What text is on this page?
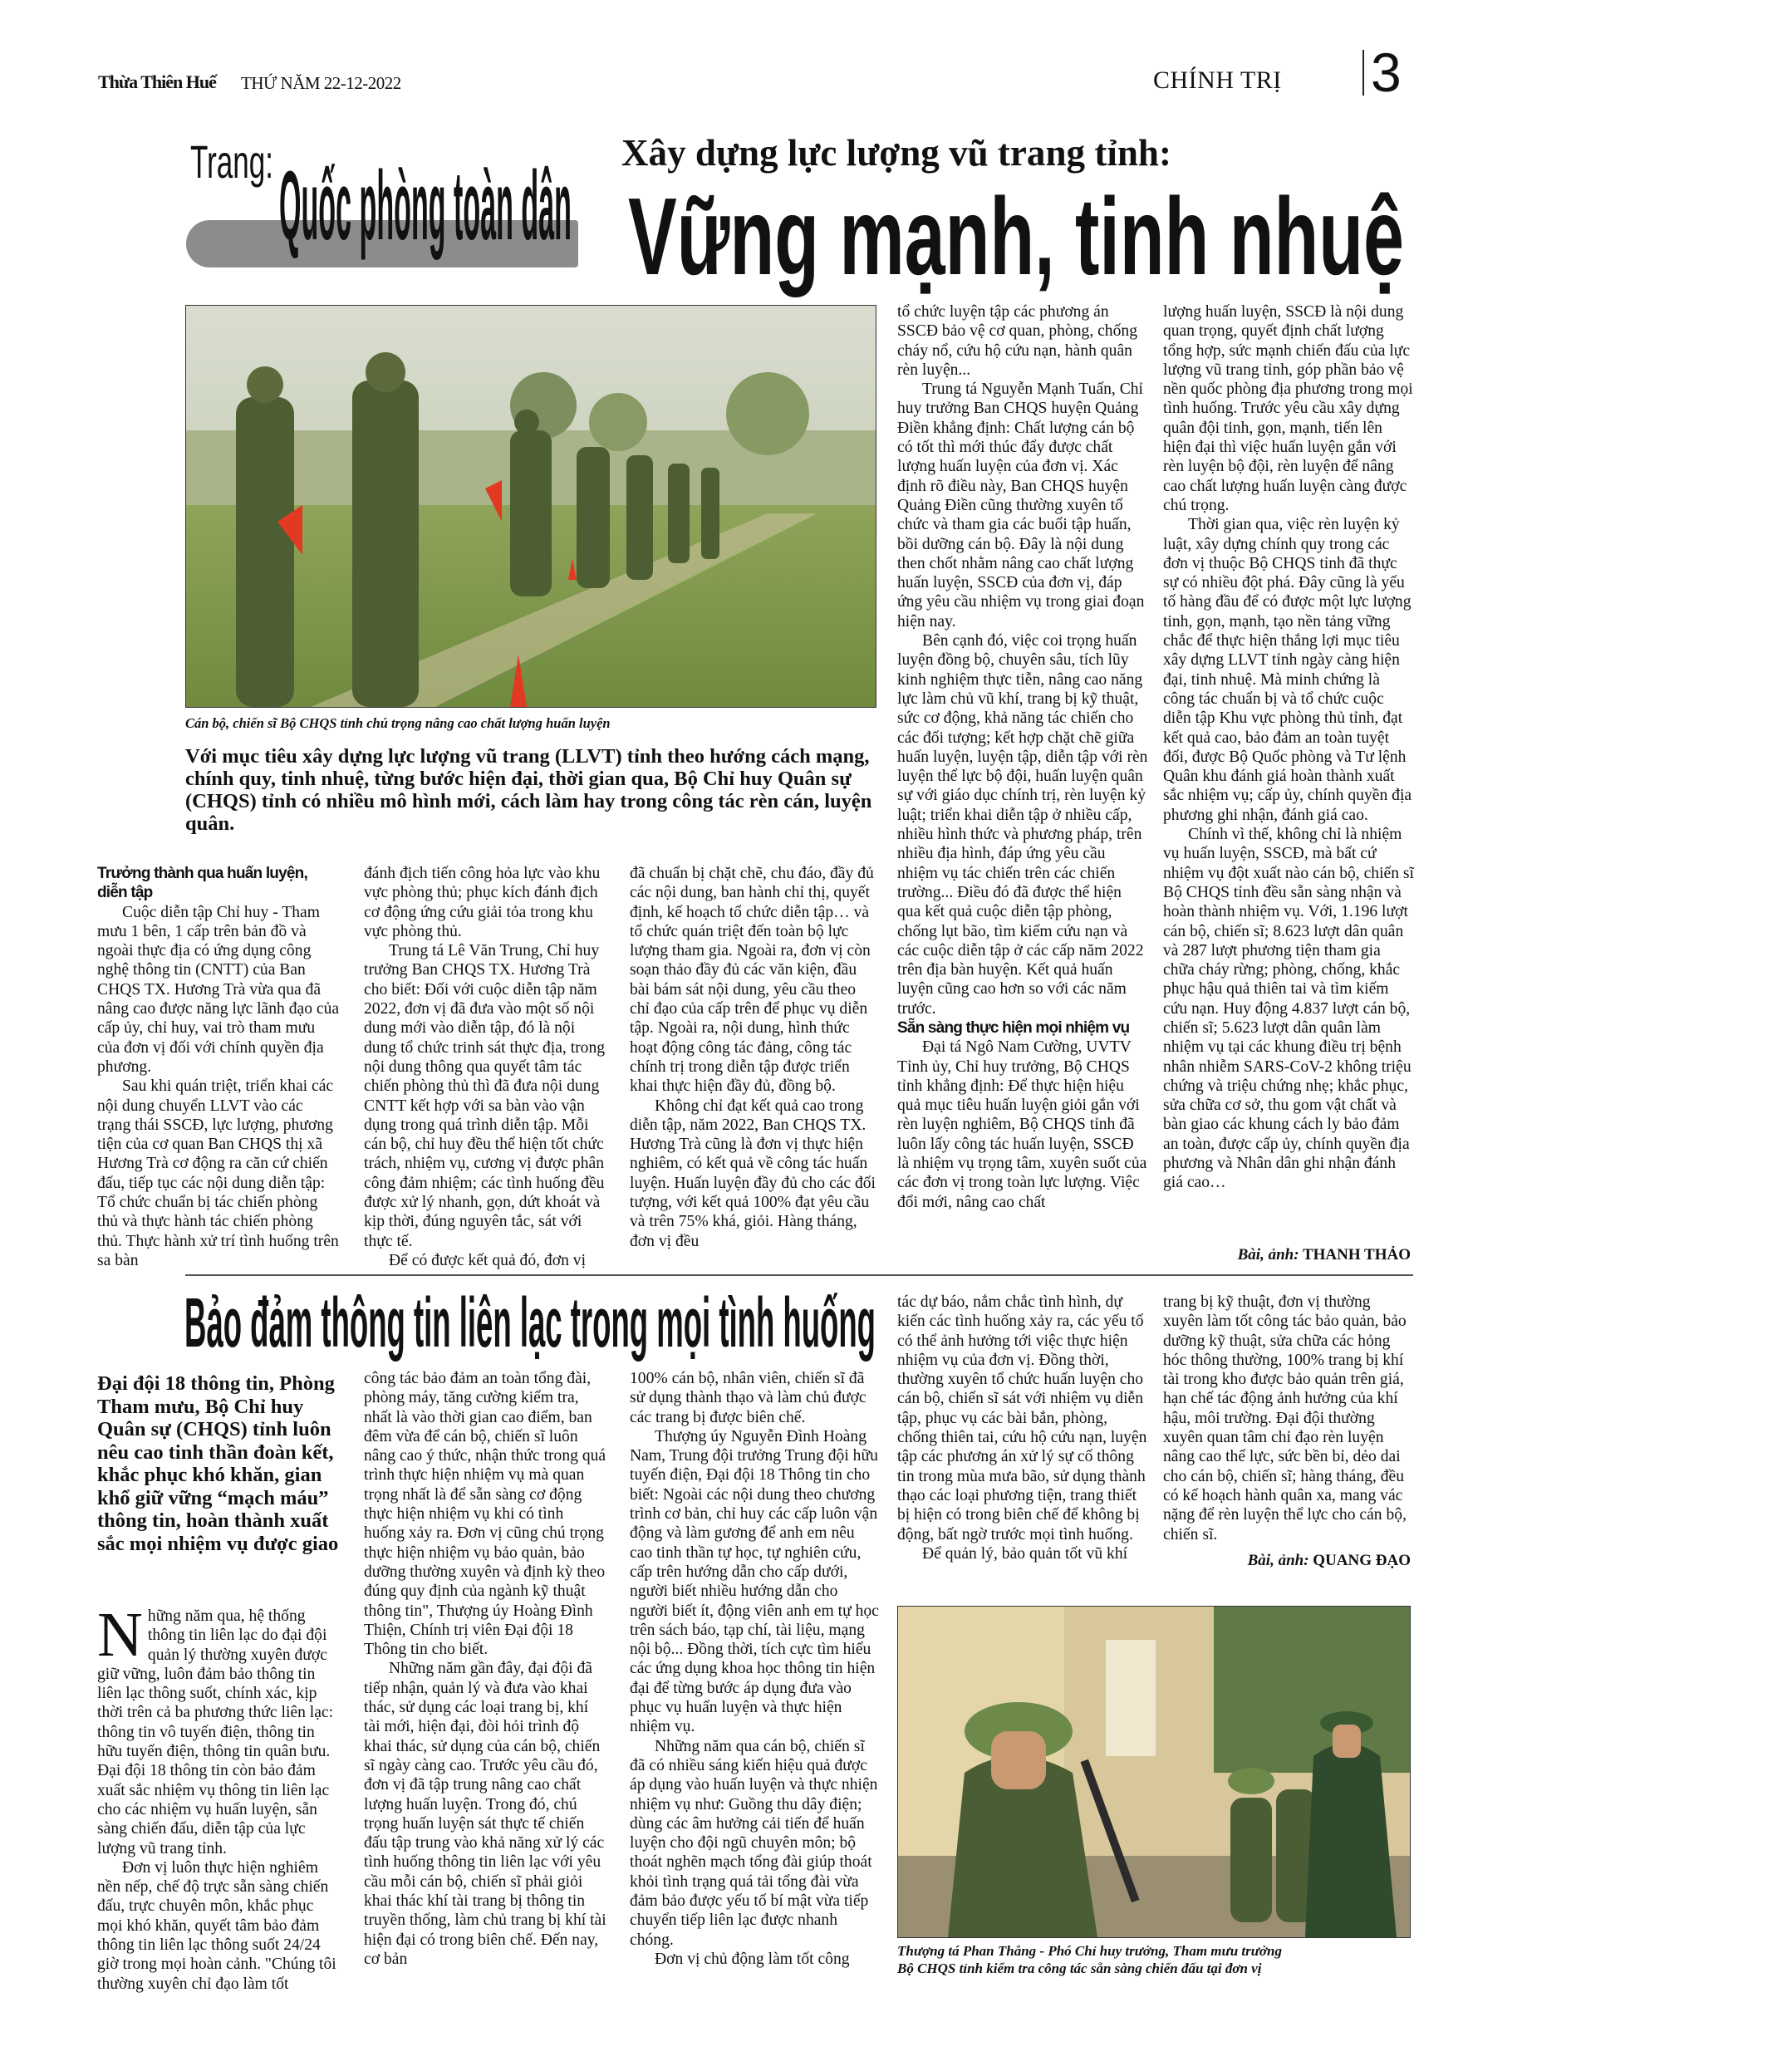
Thừa Thiên Huế THỨ NĂM 22-12-2022	CHÍNH TRỊ 3
Trang: Quốc phòng toàn dân	Xây dựng lực lượng vũ trang tỉnh:
Vững mạnh, tinh nhuệ
Cán bộ, chiến sĩ Bộ CHQS tỉnh chú trọng nâng cao chất lượng huấn luyện
Với mục tiêu xây dựng lực lượng vũ trang (LLVT) tỉnh theo hướng cách mạng, chính quy, tinh nhuệ, từng bước hiện đại, thời gian qua, Bộ Chỉ huy Quân sự (CHQS) tỉnh có nhiều mô hình mới, cách làm hay trong công tác rèn cán, luyện quân.
Trưởng thành qua huấn luyện, diễn tập

Cuộc diễn tập Chỉ huy - Tham mưu 1 bên, 1 cấp trên bản đồ và ngoài thực địa có ứng dụng công nghệ thông tin (CNTT) của Ban CHQS TX. Hương Trà vừa qua đã nâng cao được năng lực lãnh đạo của cấp ủy, chỉ huy, vai trò tham mưu của đơn vị đối với chính quyền địa phương.

Sau khi quán triệt, triển khai các nội dung chuyển LLVT vào các trạng thái SSCĐ, lực lượng, phương tiện của cơ quan Ban CHQS thị xã Hương Trà cơ động ra căn cứ chiến đấu, tiếp tục các nội dung diễn tập: Tổ chức chuẩn bị tác chiến phòng thủ và thực hành tác chiến phòng thủ. Thực hành xử trí tình huống trên sa bàn

đánh địch tiến công hỏa lực vào khu vực phòng thủ; phục kích đánh địch cơ động ứng cứu giải tỏa trong khu vực phòng thủ.

Trung tá Lê Văn Trung, Chỉ huy trưởng Ban CHQS TX. Hương Trà cho biết: Đối với cuộc diễn tập năm 2022, đơn vị đã đưa vào một số nội dung mới vào diễn tập, đó là nội dung tổ chức trinh sát thực địa, trong nội dung thông qua quyết tâm tác chiến phòng thủ thì đã đưa nội dung CNTT kết hợp với sa bàn vào vận dụng trong quá trình diễn tập. Mỗi cán bộ, chỉ huy đều thể hiện tốt chức trách, nhiệm vụ, cương vị được phân công đảm nhiệm; các tình huống đều được xử lý nhanh, gọn, dứt khoát và kịp thời, đúng nguyên tắc, sát với thực tế.

Để có được kết quả đó, đơn vị

đã chuẩn bị chặt chẽ, chu đáo, đầy đủ các nội dung, ban hành chỉ thị, quyết định, kế hoạch tổ chức diễn tập… và tổ chức quán triệt đến toàn bộ lực lượng tham gia. Ngoài ra, đơn vị còn soạn thảo đầy đủ các văn kiện, đầu bài bám sát nội dung, yêu cầu theo chỉ đạo của cấp trên để phục vụ diễn tập. Ngoài ra, nội dung, hình thức hoạt động công tác đảng, công tác chính trị trong diễn tập được triển khai thực hiện đầy đủ, đồng bộ.

Không chỉ đạt kết quả cao trong diễn tập, năm 2022, Ban CHQS TX. Hương Trà cũng là đơn vị thực hiện nghiêm, có kết quả về công tác huấn luyện. Huấn luyện đầy đủ cho các đối tượng, với kết quả 100% đạt yêu cầu và trên 75% khá, giỏi. Hàng tháng, đơn vị đều

tổ chức luyện tập các phương án SSCĐ bảo vệ cơ quan, phòng, chống cháy nổ, cứu hộ cứu nạn, hành quân rèn luyện...

Trung tá Nguyễn Mạnh Tuấn, Chỉ huy trưởng Ban CHQS huyện Quảng Điền khẳng định: Chất lượng cán bộ có tốt thì mới thúc đẩy được chất lượng huấn luyện của đơn vị. Xác định rõ điều này, Ban CHQS huyện Quảng Điền cũng thường xuyên tổ chức và tham gia các buổi tập huấn, bồi dưỡng cán bộ. Đây là nội dung then chốt nhằm nâng cao chất lượng huấn luyện, SSCĐ của đơn vị, đáp ứng yêu cầu nhiệm vụ trong giai đoạn hiện nay.

Bên cạnh đó, việc coi trọng huấn luyện đồng bộ, chuyên sâu, tích lũy kinh nghiệm thực tiễn, nâng cao năng lực làm chủ vũ khí, trang bị kỹ thuật, sức cơ động, khả năng tác chiến cho các đối tượng; kết hợp chặt chẽ giữa huấn luyện, luyện tập, diễn tập với rèn luyện thể lực bộ đội, huấn luyện quân sự với giáo dục chính trị, rèn luyện kỷ luật; triển khai diễn tập ở nhiều cấp, nhiều hình thức và phương pháp, trên nhiều địa hình, đáp ứng yêu cầu nhiệm vụ tác chiến trên các chiến trường... Điều đó đã được thể hiện qua kết quả cuộc diễn tập phòng, chống lụt bão, tìm kiếm cứu nạn và các cuộc diễn tập ở các cấp năm 2022 trên địa bàn huyện. Kết quả huấn luyện cũng cao hơn so với các năm trước.

Sẵn sàng thực hiện mọi nhiệm vụ

Đại tá Ngô Nam Cường, UVTV Tỉnh ủy, Chỉ huy trưởng, Bộ CHQS tỉnh khẳng định: Để thực hiện hiệu quả mục tiêu huấn luyện giỏi gắn với rèn luyện nghiêm, Bộ CHQS tỉnh đã luôn lấy công tác huấn luyện, SSCĐ là nhiệm vụ trọng tâm, xuyên suốt của các đơn vị trong toàn lực lượng. Việc đổi mới, nâng cao chất

lượng huấn luyện, SSCĐ là nội dung quan trọng, quyết định chất lượng tổng hợp, sức mạnh chiến đấu của lực lượng vũ trang tỉnh, góp phần bảo vệ nền quốc phòng địa phương trong mọi tình huống. Trước yêu cầu xây dựng quân đội tinh, gọn, mạnh, tiến lên hiện đại thì việc huấn luyện gắn với rèn luyện bộ đội, rèn luyện để nâng cao chất lượng huấn luyện càng được chú trọng.

Thời gian qua, việc rèn luyện kỷ luật, xây dựng chính quy trong các đơn vị thuộc Bộ CHQS tỉnh đã thực sự có nhiều đột phá. Đây cũng là yếu tố hàng đầu để có được một lực lượng tinh, gọn, mạnh, tạo nền tảng vững chắc để thực hiện thắng lợi mục tiêu xây dựng LLVT tỉnh ngày càng hiện đại, tinh nhuệ. Mà minh chứng là công tác chuẩn bị và tổ chức cuộc diễn tập Khu vực phòng thủ tỉnh, đạt kết quả cao, bảo đảm an toàn tuyệt đối, được Bộ Quốc phòng và Tư lệnh Quân khu đánh giá hoàn thành xuất sắc nhiệm vụ; cấp ủy, chính quyền địa phương ghi nhận, đánh giá cao.

Chính vì thế, không chỉ là nhiệm vụ huấn luyện, SSCĐ, mà bất cứ nhiệm vụ đột xuất nào cán bộ, chiến sĩ Bộ CHQS tỉnh đều sẵn sàng nhận và hoàn thành nhiệm vụ. Với, 1.196 lượt cán bộ, chiến sĩ; 8.623 lượt dân quân và 287 lượt phương tiện tham gia chữa cháy rừng; phòng, chống, khắc phục hậu quả thiên tai và tìm kiếm cứu nạn. Huy động 4.837 lượt cán bộ, chiến sĩ; 5.623 lượt dân quân làm nhiệm vụ tại các khung điều trị bệnh nhân nhiễm SARS-CoV-2 không triệu chứng và triệu chứng nhẹ; khắc phục, sửa chữa cơ sở, thu gom vật chất và bàn giao các khung cách ly bảo đảm an toàn, được cấp ủy, chính quyền địa phương và Nhân dân ghi nhận đánh giá cao…

Bài, ảnh: THANH THẢO
Bảo đảm thông tin liên lạc trong mọi tình huống
Đại đội 18 thông tin, Phòng Tham mưu, Bộ Chỉ huy Quân sự (CHQS) tỉnh luôn nêu cao tinh thần đoàn kết, khắc phục khó khăn, gian khổ giữ vững “mạch máu” thông tin, hoàn thành xuất sắc mọi nhiệm vụ được giao

Những năm qua, hệ thống thông tin liên lạc do đại đội quản lý thường xuyên được giữ vững, luôn đảm bảo thông tin liên lạc thông suốt, chính xác, kịp thời trên cả ba phương thức liên lạc: thông tin vô tuyến điện, thông tin hữu tuyến điện, thông tin quân bưu. Đại đội 18 thông tin còn bảo đảm xuất sắc nhiệm vụ thông tin liên lạc cho các nhiệm vụ huấn luyện, sẵn sàng chiến đấu, diễn tập của lực lượng vũ trang tỉnh.

Đơn vị luôn thực hiện nghiêm nền nếp, chế độ trực sẵn sàng chiến đấu, trực chuyên môn, khắc phục mọi khó khăn, quyết tâm bảo đảm thông tin liên lạc thông suốt 24/24 giờ trong mọi hoàn cảnh. "Chúng tôi thường xuyên chỉ đạo làm tốt

công tác bảo đảm an toàn tổng đài, phòng máy, tăng cường kiểm tra, nhất là vào thời gian cao điểm, ban đêm vừa để cán bộ, chiến sĩ luôn nâng cao ý thức, nhận thức trong quá trình thực hiện nhiệm vụ mà quan trọng nhất là để sẵn sàng cơ động thực hiện nhiệm vụ khi có tình huống xảy ra. Đơn vị cũng chú trọng thực hiện nhiệm vụ bảo quản, bảo dưỡng thường xuyên và định kỳ theo đúng quy định của ngành kỹ thuật thông tin", Thượng úy Hoàng Đình Thiện, Chính trị viên Đại đội 18 Thông tin cho biết.

Những năm gần đây, đại đội đã tiếp nhận, quản lý và đưa vào khai thác, sử dụng các loại trang bị, khí tài mới, hiện đại, đòi hỏi trình độ khai thác, sử dụng của cán bộ, chiến sĩ ngày càng cao. Trước yêu cầu đó, đơn vị đã tập trung nâng cao chất lượng huấn luyện. Trong đó, chú trọng huấn luyện sát thực tế chiến đấu tập trung vào khả năng xử lý các tình huống thông tin liên lạc với yêu cầu mỗi cán bộ, chiến sĩ phải giỏi khai thác khí tài trang bị thông tin truyền thống, làm chủ trang bị khí tài hiện đại có trong biên chế. Đến nay, cơ bản

100% cán bộ, nhân viên, chiến sĩ đã sử dụng thành thạo và làm chủ được các trang bị được biên chế.

Thượng úy Nguyễn Đình Hoàng Nam, Trung đội trưởng Trung đội hữu tuyến điện, Đại đội 18 Thông tin cho biết: Ngoài các nội dung theo chương trình cơ bản, chỉ huy các cấp luôn vận động và làm gương để anh em nêu cao tinh thần tự học, tự nghiên cứu, cấp trên hướng dẫn cho cấp dưới, người biết nhiều hướng dẫn cho người biết ít, động viên anh em tự học trên sách báo, tạp chí, tài liệu, mạng nội bộ... Đồng thời, tích cực tìm hiểu các ứng dụng khoa học thông tin hiện đại để từng bước áp dụng đưa vào phục vụ huấn luyện và thực hiện nhiệm vụ.

Những năm qua cán bộ, chiến sĩ đã có nhiều sáng kiến hiệu quả được áp dụng vào huấn luyện và thực nhiện nhiệm vụ như: Guồng thu dây điện; dùng các âm hưởng cải tiến để huấn luyện cho đội ngũ chuyên môn; bộ thoát nghẽn mạch tổng đài giúp thoát khỏi tình trạng quá tải tổng đài vừa đảm bảo được yếu tố bí mật vừa tiếp chuyển tiếp liên lạc được nhanh chóng.

Đơn vị chủ động làm tốt công

tác dự báo, nắm chắc tình hình, dự kiến các tình huống xảy ra, các yếu tố có thể ảnh hưởng tới việc thực hiện nhiệm vụ của đơn vị. Đồng thời, thường xuyên tổ chức huấn luyện cho cán bộ, chiến sĩ sát với nhiệm vụ diễn tập, phục vụ các bài bắn, phòng, chống thiên tai, cứu hộ cứu nạn, luyện tập các phương án xử lý sự cố thông tin trong mùa mưa bão, sử dụng thành thạo các loại phương tiện, trang thiết bị hiện có trong biên chế để không bị động, bất ngờ trước mọi tình huống.

Để quản lý, bảo quản tốt vũ khí

trang bị kỹ thuật, đơn vị thường xuyên làm tốt công tác bảo quản, bảo dưỡng kỹ thuật, sửa chữa các hỏng hóc thông thường, 100% trang bị khí tài trong kho được bảo quản trên giá, hạn chế tác động ảnh hưởng của khí hậu, môi trường. Đại đội thường xuyên quan tâm chỉ đạo rèn luyện nâng cao thể lực, sức bền bỉ, dẻo dai cho cán bộ, chiến sĩ; hàng tháng, đều có kế hoạch hành quân xa, mang vác nặng để rèn luyện thể lực cho cán bộ, chiến sĩ.

Bài, ảnh: QUANG ĐẠO
Thượng tá Phan Thắng - Phó Chỉ huy trưởng, Tham mưu trưởng
Bộ CHQS tỉnh kiểm tra công tác sẵn sàng chiến đấu tại đơn vị
